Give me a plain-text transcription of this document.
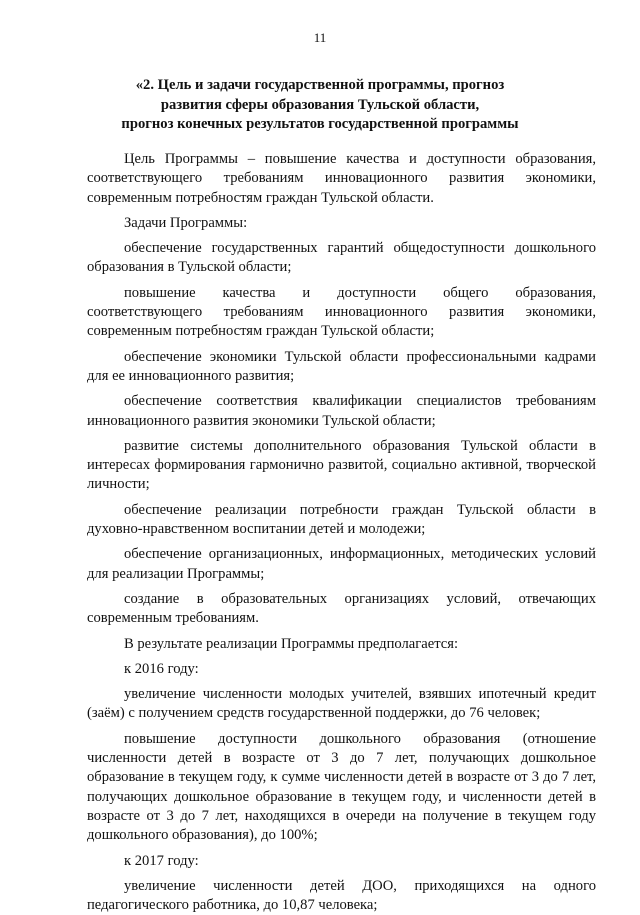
11
«2. Цель и задачи государственной программы, прогноз
развития сферы образования Тульской области,
прогноз конечных результатов государственной программы

Цель Программы – повышение качества и доступности образования, соответствующего требованиям инновационного развития экономики, современным потребностям граждан Тульской области.

Задачи Программы:

обеспечение государственных гарантий общедоступности дошкольного образования в Тульской области;

повышение качества и доступности общего образования, соответствующего требованиям инновационного развития экономики, современным потребностям граждан Тульской области;

обеспечение экономики Тульской области профессиональными кадрами для ее инновационного развития;

обеспечение соответствия квалификации специалистов требованиям инновационного развития экономики Тульской области;

развитие системы дополнительного образования Тульской области в интересах формирования гармонично развитой, социально активной, творческой личности;

обеспечение реализации потребности граждан Тульской области в духовно-нравственном воспитании детей и молодежи;

обеспечение организационных, информационных, методических условий для реализации Программы;

создание в образовательных организациях условий, отвечающих современным требованиям.

В результате реализации Программы предполагается:

к 2016 году:

увеличение численности молодых учителей, взявших ипотечный кредит (заём) с получением средств государственной поддержки, до 76 человек;

повышение доступности дошкольного образования (отношение численности детей в возрасте от 3 до 7 лет, получающих дошкольное образование в текущем году, к сумме численности детей в возрасте от 3 до 7 лет, получающих дошкольное образование в текущем году, и численности детей в возрасте от 3 до 7 лет, находящихся в очереди на получение в текущем году дошкольного образования), до 100%;

к 2017 году:

увеличение численности детей ДОО, приходящихся на одного педагогического работника, до 10,87 человека;
